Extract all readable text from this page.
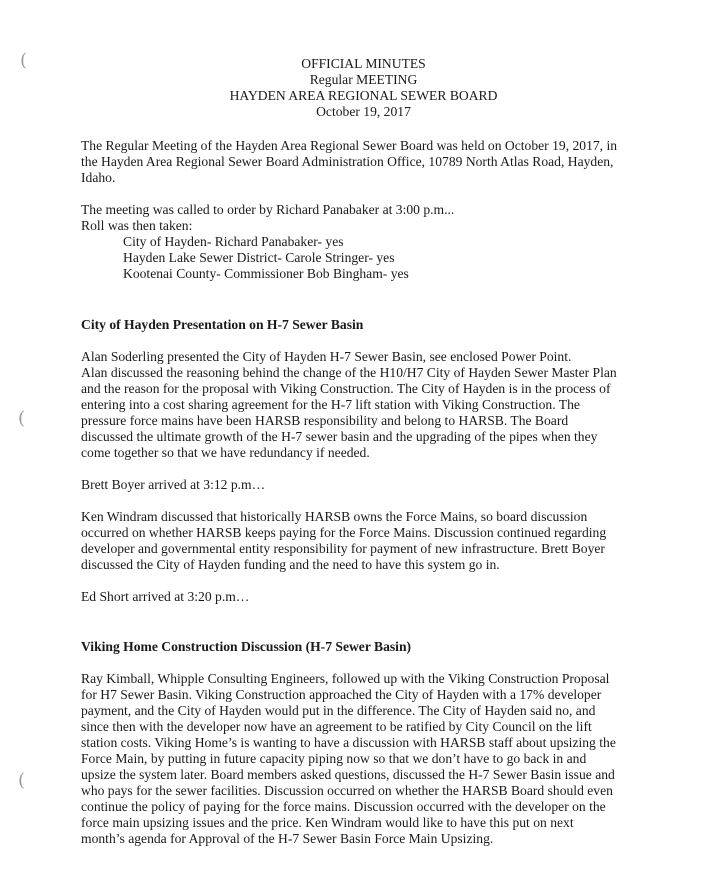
(
(
(
OFFICIAL MINUTES
Regular MEETING
HAYDEN AREA REGIONAL SEWER BOARD
October 19, 2017
The Regular Meeting of the Hayden Area Regional Sewer Board was held on October 19, 2017, in
the Hayden Area Regional Sewer Board Administration Office, 10789 North Atlas Road, Hayden,
Idaho.
The meeting was called to order by Richard Panabaker at 3:00 p.m...
Roll was then taken:
City of Hayden- Richard Panabaker- yes
Hayden Lake Sewer District- Carole Stringer- yes
Kootenai County- Commissioner Bob Bingham- yes
City of Hayden Presentation on H-7 Sewer Basin
Alan Soderling presented the City of Hayden H-7 Sewer Basin, see enclosed Power Point.
Alan discussed the reasoning behind the change of the H10/H7 City of Hayden Sewer Master Plan
and the reason for the proposal with Viking Construction. The City of Hayden is in the process of
entering into a cost sharing agreement for the H-7 lift station with Viking Construction. The
pressure force mains have been HARSB responsibility and belong to HARSB. The Board
discussed the ultimate growth of the H-7 sewer basin and the upgrading of the pipes when they
come together so that we have redundancy if needed.
Brett Boyer arrived at 3:12 p.m…
Ken Windram discussed that historically HARSB owns the Force Mains, so board discussion
occurred on whether HARSB keeps paying for the Force Mains. Discussion continued regarding
developer and governmental entity responsibility for payment of new infrastructure. Brett Boyer
discussed the City of Hayden funding and the need to have this system go in.
Ed Short arrived at 3:20 p.m…
Viking Home Construction Discussion (H-7 Sewer Basin)
Ray Kimball, Whipple Consulting Engineers, followed up with the Viking Construction Proposal
for H7 Sewer Basin. Viking Construction approached the City of Hayden with a 17% developer
payment, and the City of Hayden would put in the difference. The City of Hayden said no, and
since then with the developer now have an agreement to be ratified by City Council on the lift
station costs. Viking Home’s is wanting to have a discussion with HARSB staff about upsizing the
Force Main, by putting in future capacity piping now so that we don’t have to go back in and
upsize the system later. Board members asked questions, discussed the H-7 Sewer Basin issue and
who pays for the sewer facilities. Discussion occurred on whether the HARSB Board should even
continue the policy of paying for the force mains. Discussion occurred with the developer on the
force main upsizing issues and the price. Ken Windram would like to have this put on next
month’s agenda for Approval of the H-7 Sewer Basin Force Main Upsizing.
